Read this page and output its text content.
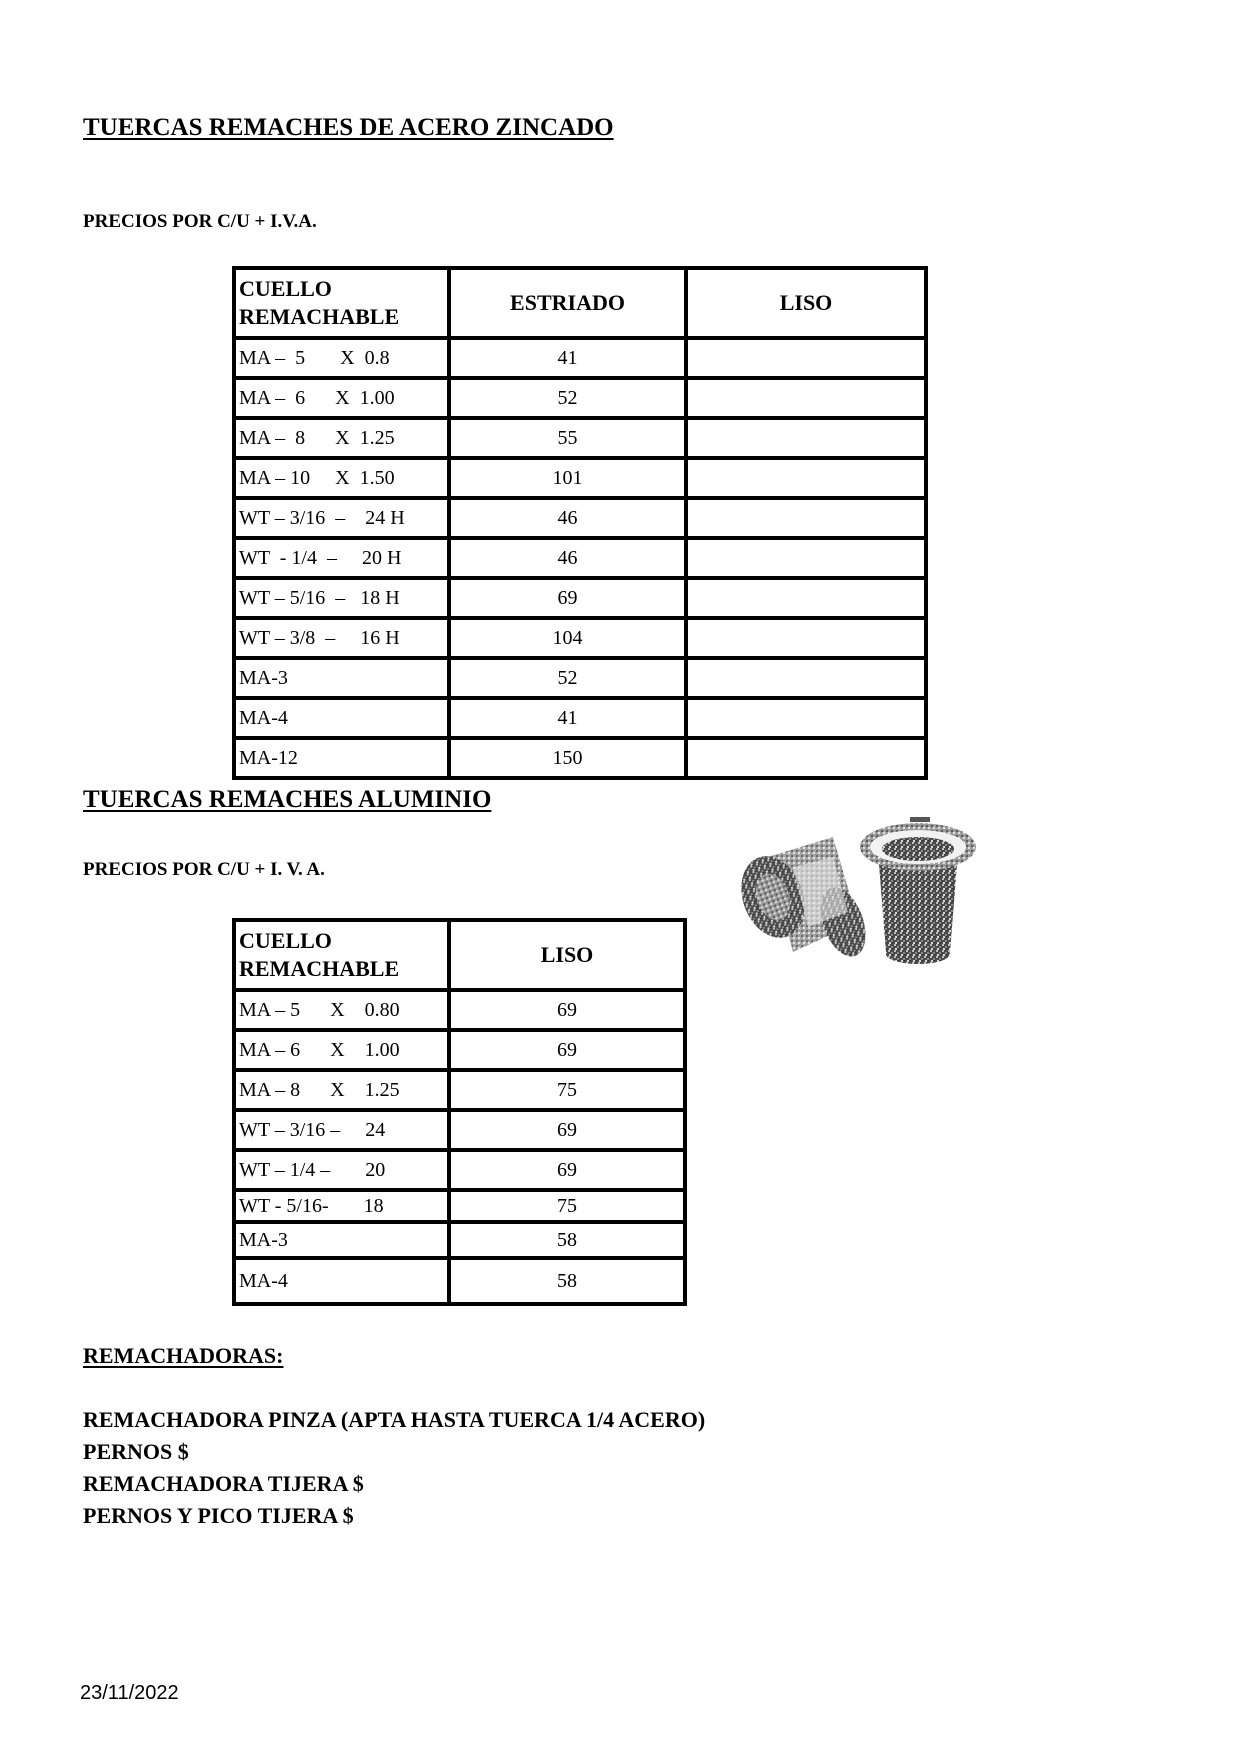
TUERCAS REMACHES DE ACERO ZINCADO
PRECIOS POR C/U + I.V.A.
CUELLO
REMACHABLE	ESTRIADO	LISO
MA –  5       X  0.8	41	
MA –  6      X  1.00	52	
MA –  8      X  1.25	55	
MA – 10     X  1.50	101	
WT – 3/16  –    24 H	46	
WT  - 1/4  –     20 H	46	
WT – 5/16  –   18 H	69	
WT – 3/8  –     16 H	104	
MA-3	52	
MA-4	41	
MA-12	150	
TUERCAS REMACHES ALUMINIO
PRECIOS POR C/U + I. V. A.
CUELLO
REMACHABLE	LISO
MA – 5      X    0.80	69
MA – 6      X    1.00	69
MA – 8      X    1.25	75
WT – 3/16 –     24	69
WT – 1/4 –       20	69
WT - 5/16-       18	75
MA-3	58
MA-4	58
REMACHADORAS:
REMACHADORA PINZA (APTA HASTA TUERCA 1/4 ACERO)
PERNOS $
REMACHADORA TIJERA $
PERNOS Y PICO TIJERA $
23/11/2022
